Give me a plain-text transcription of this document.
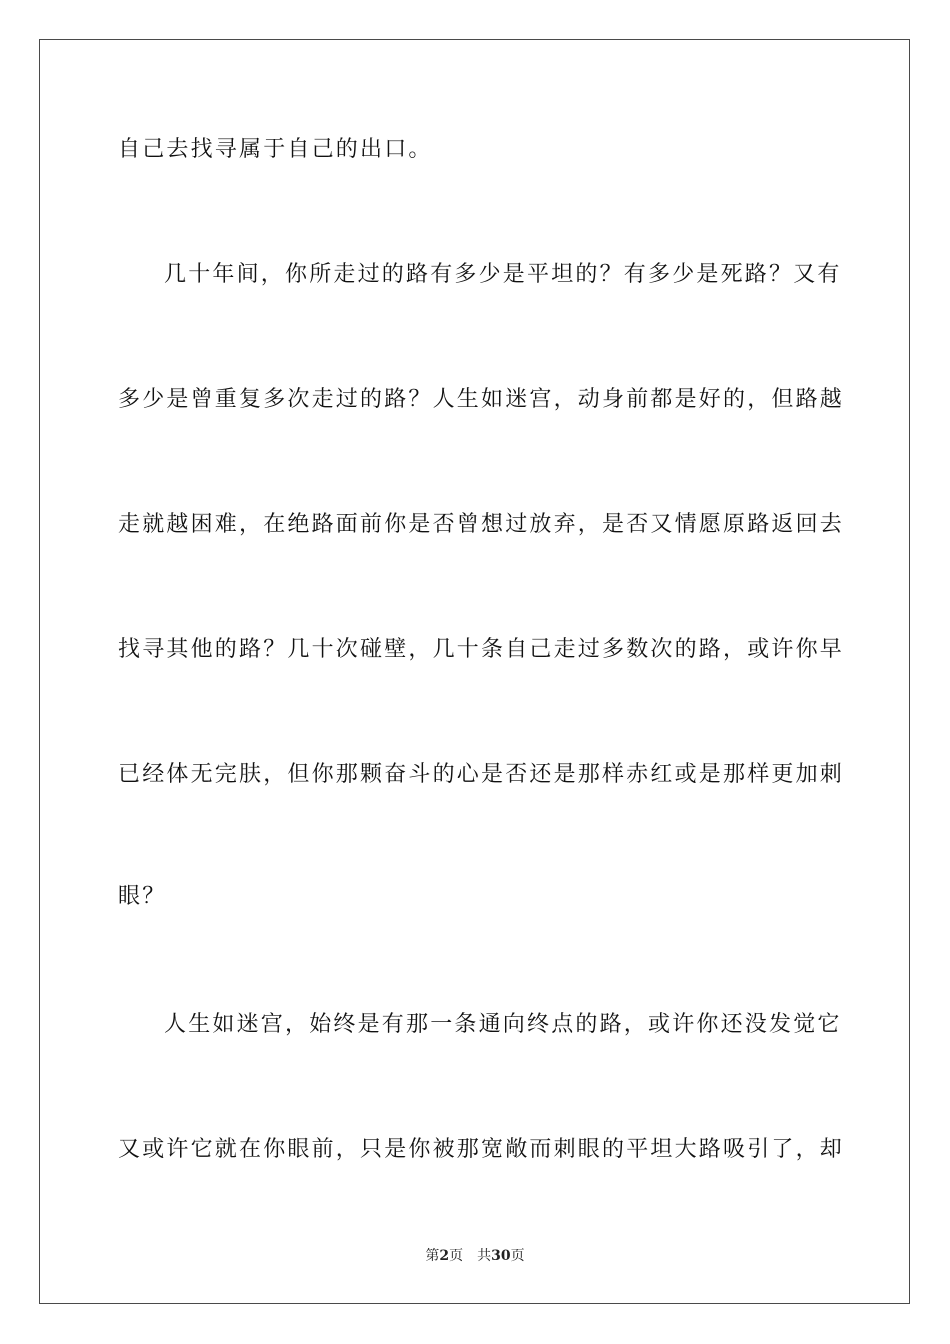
自己去找寻属于自己的出口。
几十年间，你所走过的路有多少是平坦的？有多少是死路？又有
多少是曾重复多次走过的路？人生如迷宫，动身前都是好的，但路越
走就越困难，在绝路面前你是否曾想过放弃，是否又情愿原路返回去
找寻其他的路？几十次碰壁，几十条自己走过多数次的路，或许你早
已经体无完肤，但你那颗奋斗的心是否还是那样赤红或是那样更加刺
眼？
人生如迷宫，始终是有那一条通向终点的路，或许你还没发觉它
又或许它就在你眼前，只是你被那宽敞而刺眼的平坦大路吸引了，却
第2页 共30页
